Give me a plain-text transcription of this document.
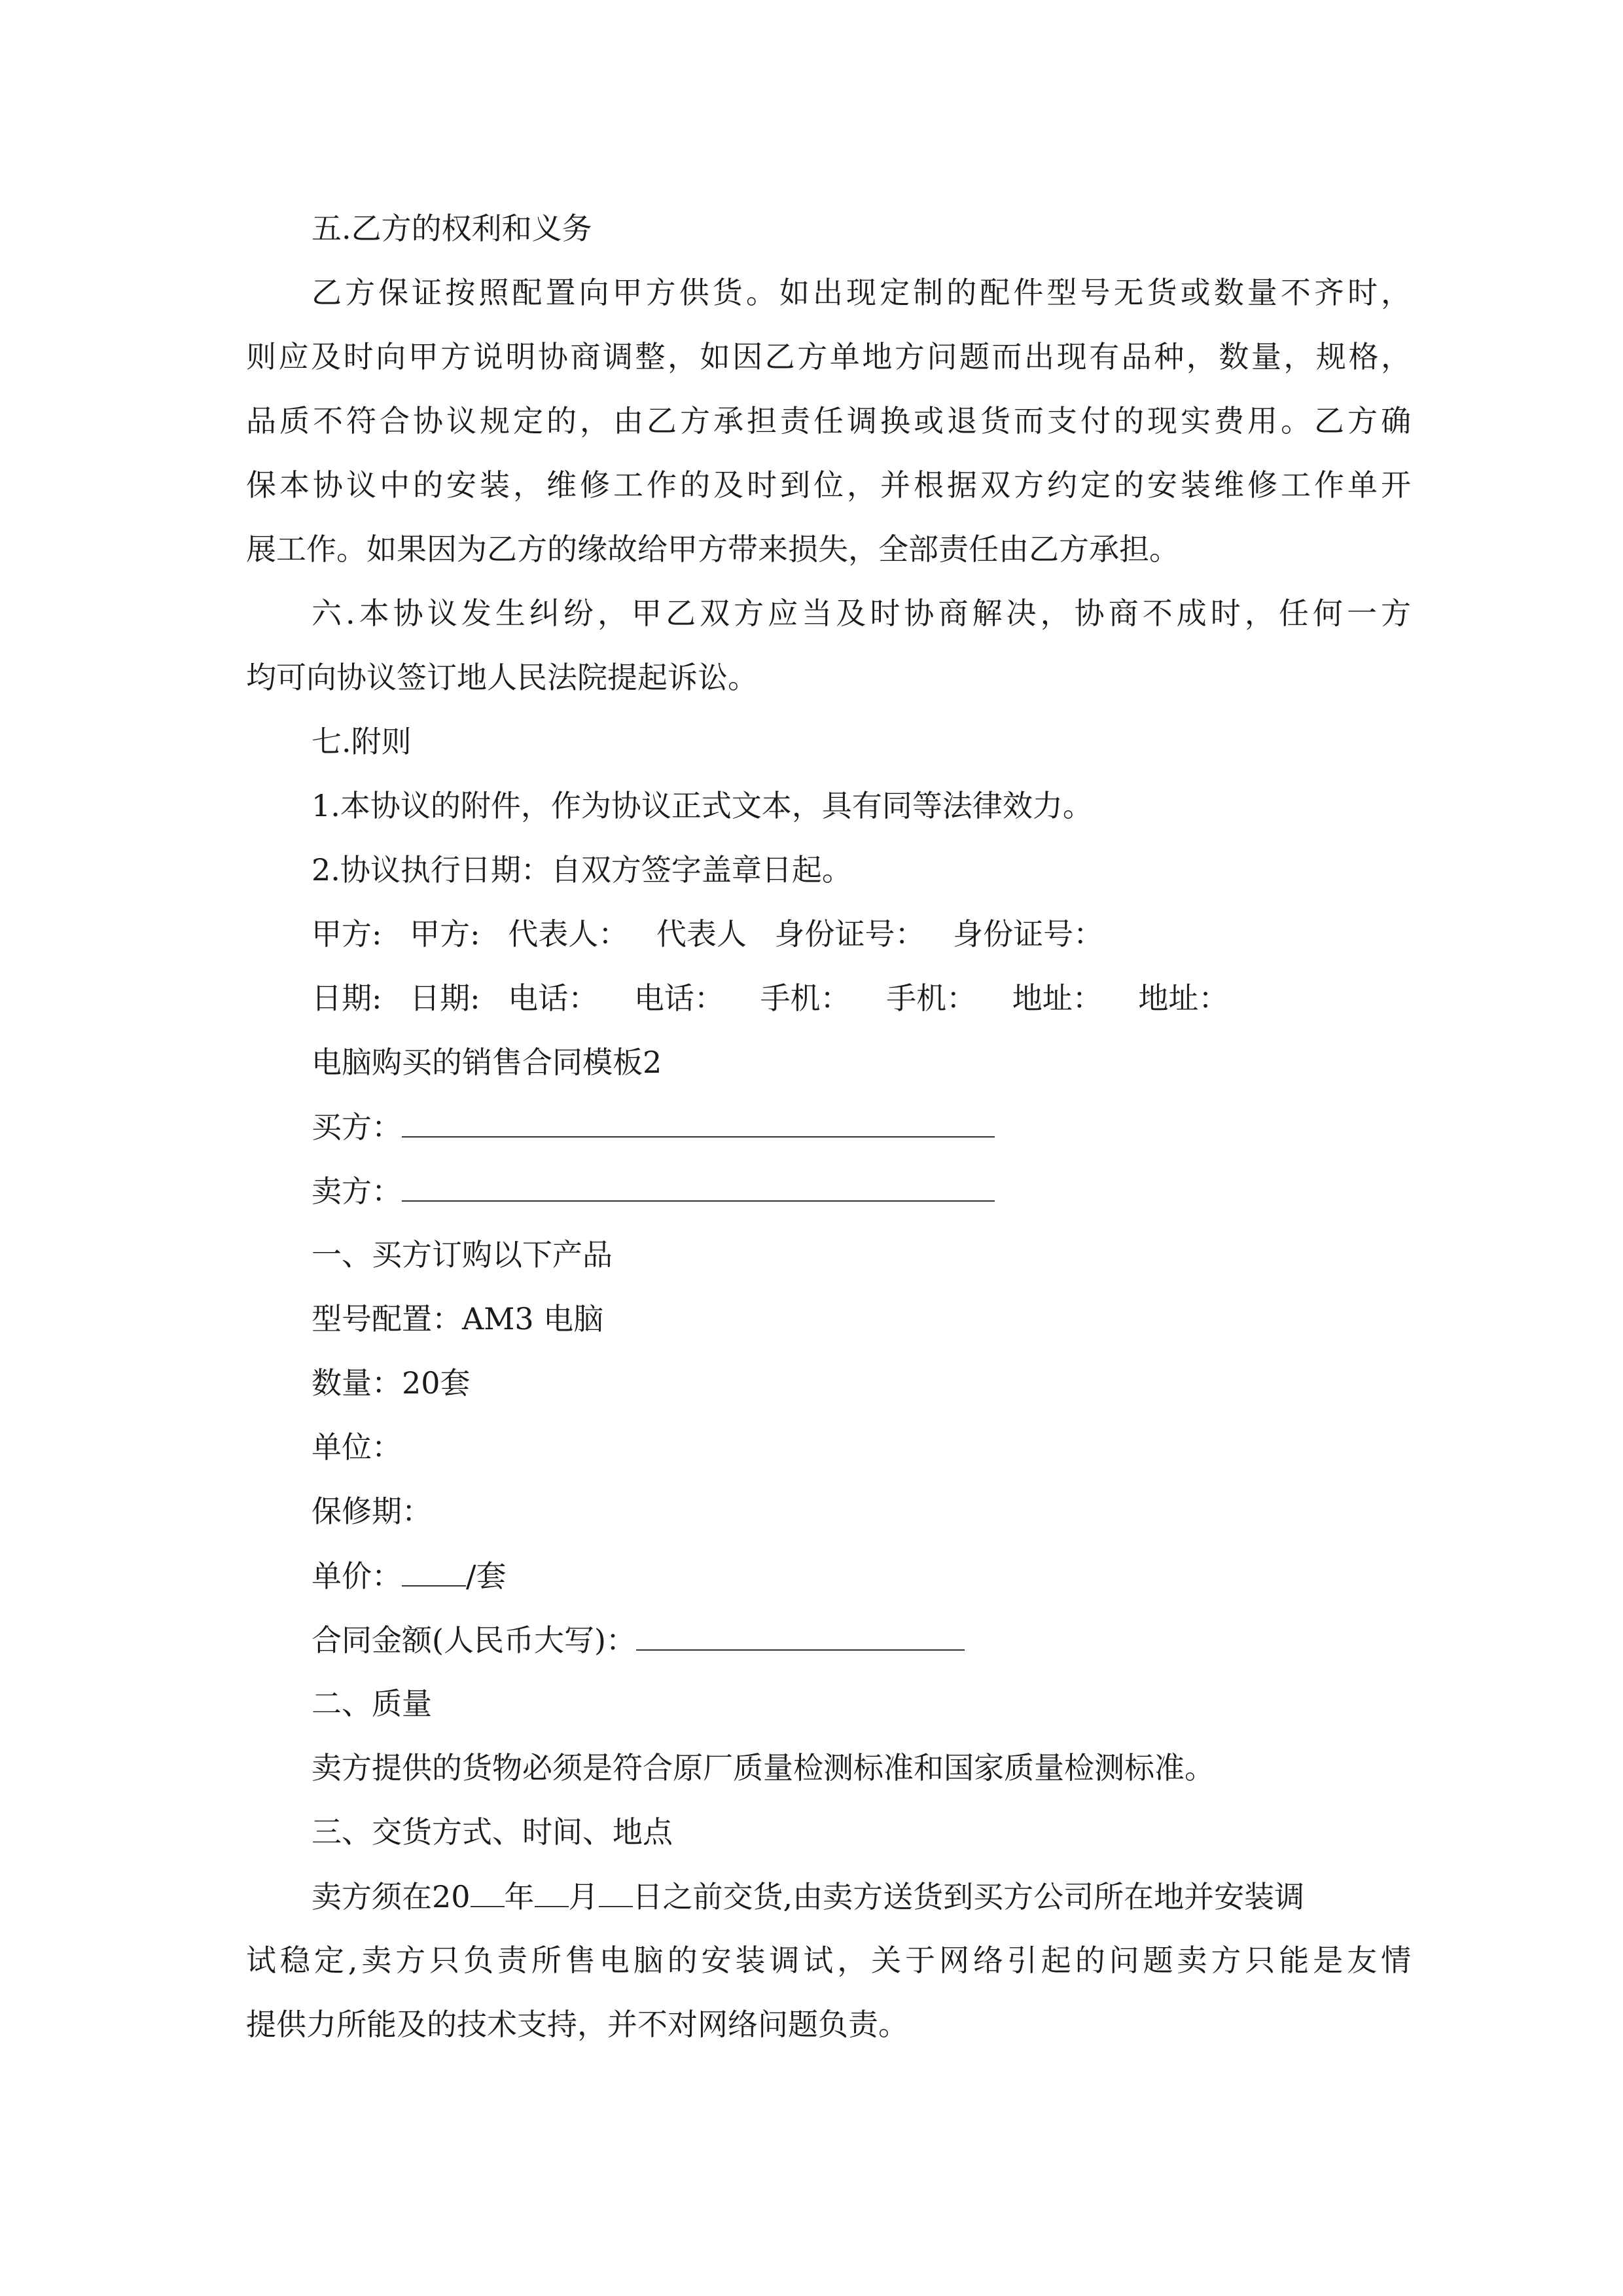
五.乙方的权利和义务

乙方保证按照配置向甲方供货。如出现定制的配件型号无货或数量不齐时，

则应及时向甲方说明协商调整，如因乙方单地方问题而出现有品种，数量，规格，

品质不符合协议规定的，由乙方承担责任调换或退货而支付的现实费用。乙方确

保本协议中的安装，维修工作的及时到位，并根据双方约定的安装维修工作单开

展工作。如果因为乙方的缘故给甲方带来损失，全部责任由乙方承担。

六.本协议发生纠纷，甲乙双方应当及时协商解决，协商不成时，任何一方

均可向协议签订地人民法院提起诉讼。

七.附则

1.本协议的附件，作为协议正式文本，具有同等法律效力。

2.协议执行日期：自双方签字盖章日起。

甲方: 甲方: 代表人： 代表人 身份证号： 身份证号：

日期: 日期: 电话： 电话： 手机： 手机： 地址： 地址：

电脑购买的销售合同模板2

买方：

卖方：

一、买方订购以下产品

型号配置：AM3 电脑

数量：20套

单位：

保修期：

单价： /套

合同金额(人民币大写)：

二、质量

卖方提供的货物必须是符合原厂质量检测标准和国家质量检测标准。

三、交货方式、时间、地点

卖方须在20 年 月 日之前交货,由卖方送货到买方公司所在地并安装调

试稳定,卖方只负责所售电脑的安装调试，关于网络引起的问题卖方只能是友情

提供力所能及的技术支持，并不对网络问题负责。
